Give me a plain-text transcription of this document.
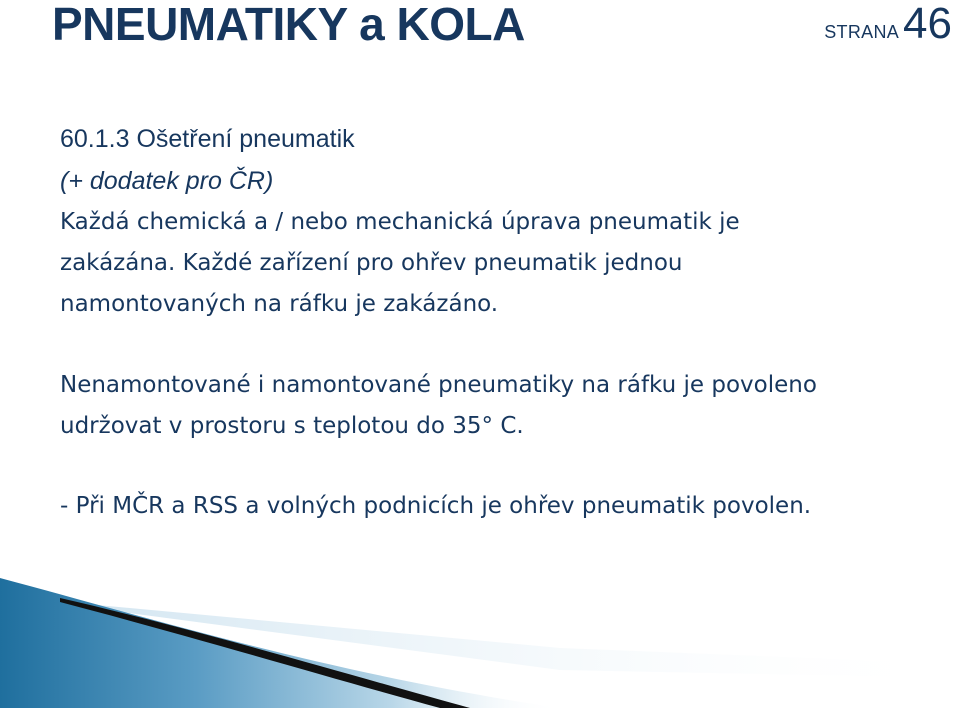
PNEUMATIKY a KOLA	STRANA46

60.1.3 Ošetření pneumatik

(+ dodatek pro ČR)

Každá chemická a / nebo mechanická úprava pneumatik je

zakázána. Každé zařízení pro ohřev pneumatik jednou

namontovaných na ráfku je zakázáno.

Nenamontované i namontované pneumatiky na ráfku je povoleno

udržovat v prostoru s teplotou do 35° C.

- Při MČR a RSS a volných podnicích je ohřev pneumatik povolen.
